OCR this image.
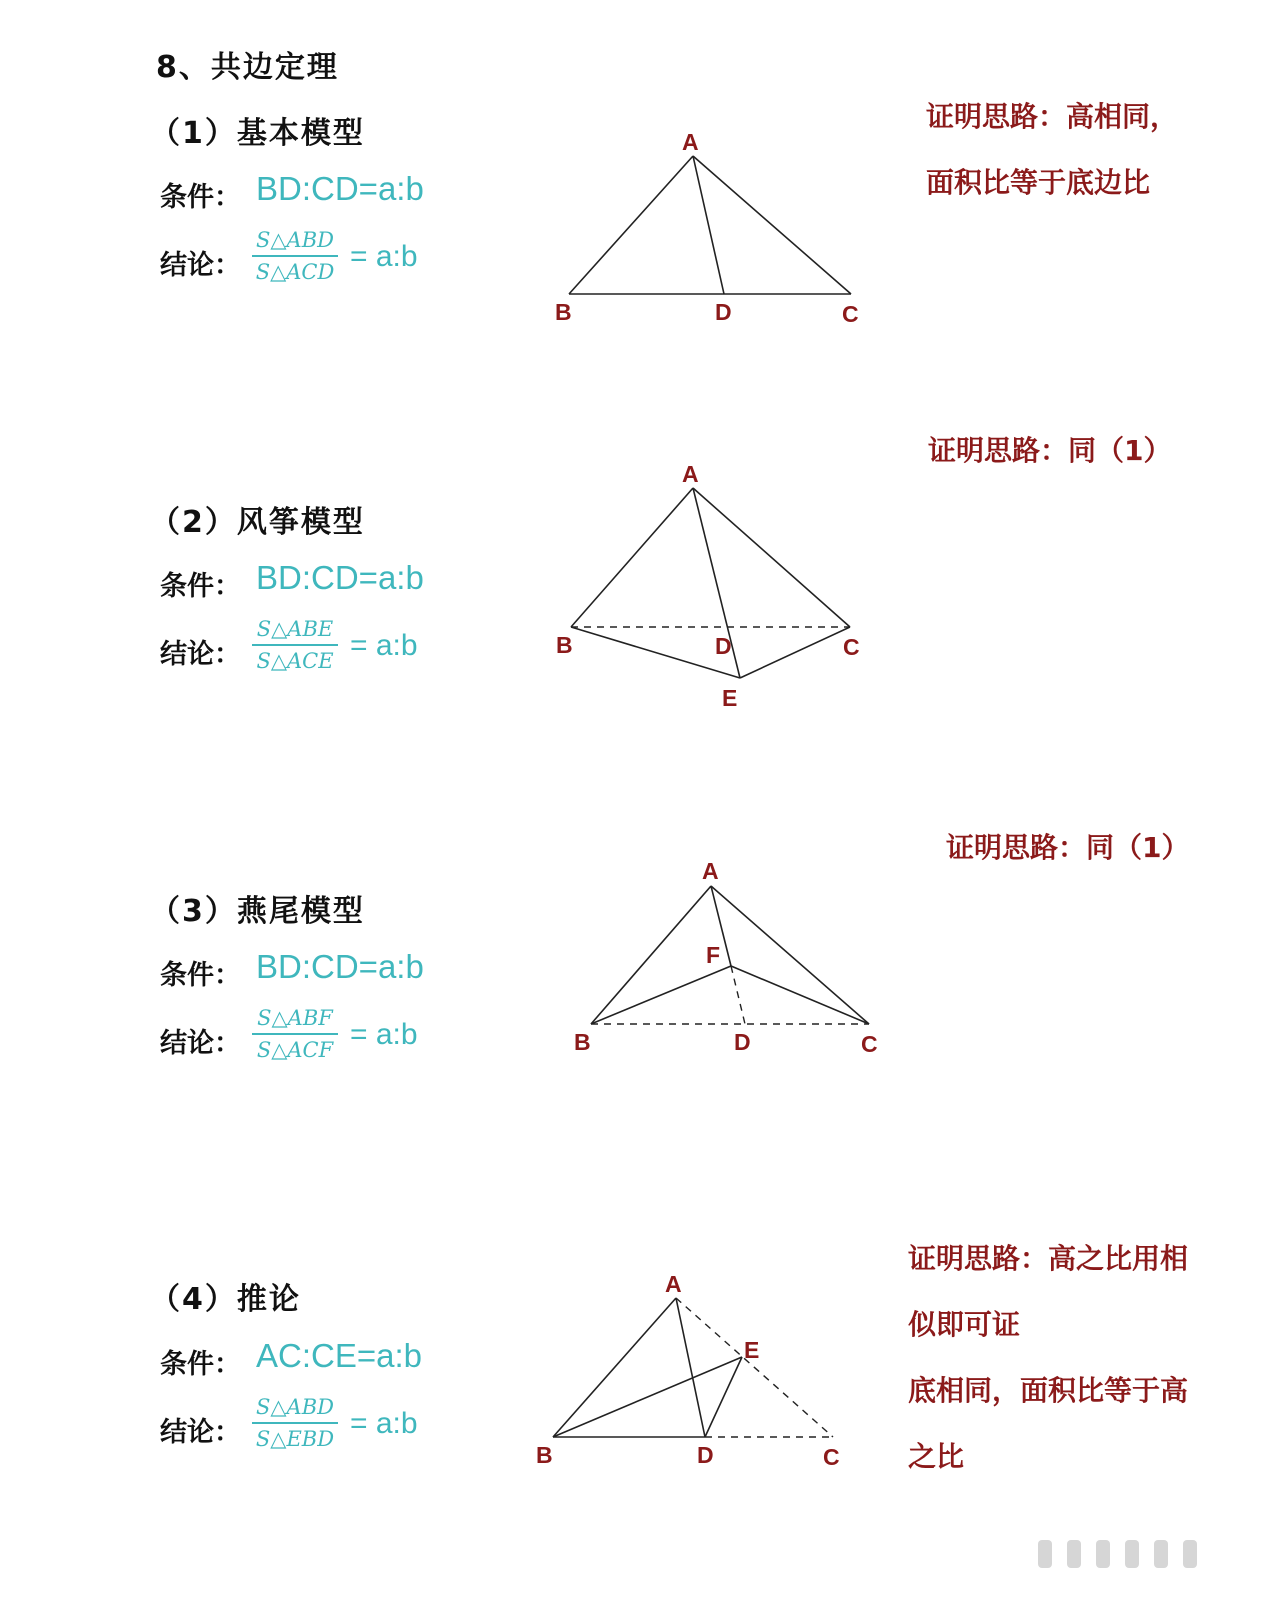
8、共边定理
（1）基本模型
条件： BD:CD=a:b
结论：
S△ABD
S△ACD = a:b
证明思路：高相同，
面积比等于底边比
（2）风筝模型
条件： BD:CD=a:b
结论：
S△ABE
S△ACE = a:b
证明思路：同（1）
（3）燕尾模型
条件： BD:CD=a:b
结论：
S△ABF
S△ACF = a:b
证明思路：同（1）
（4）推论
条件： AC:CE=a:b
结论：
S△ABD
S△EBD = a:b
证明思路：高之比用相
似即可证
底相同，面积比等于高
之比
A
B	D	C
A
B	D	C
E
A
F
B	D	C
A
E
B	D	C
